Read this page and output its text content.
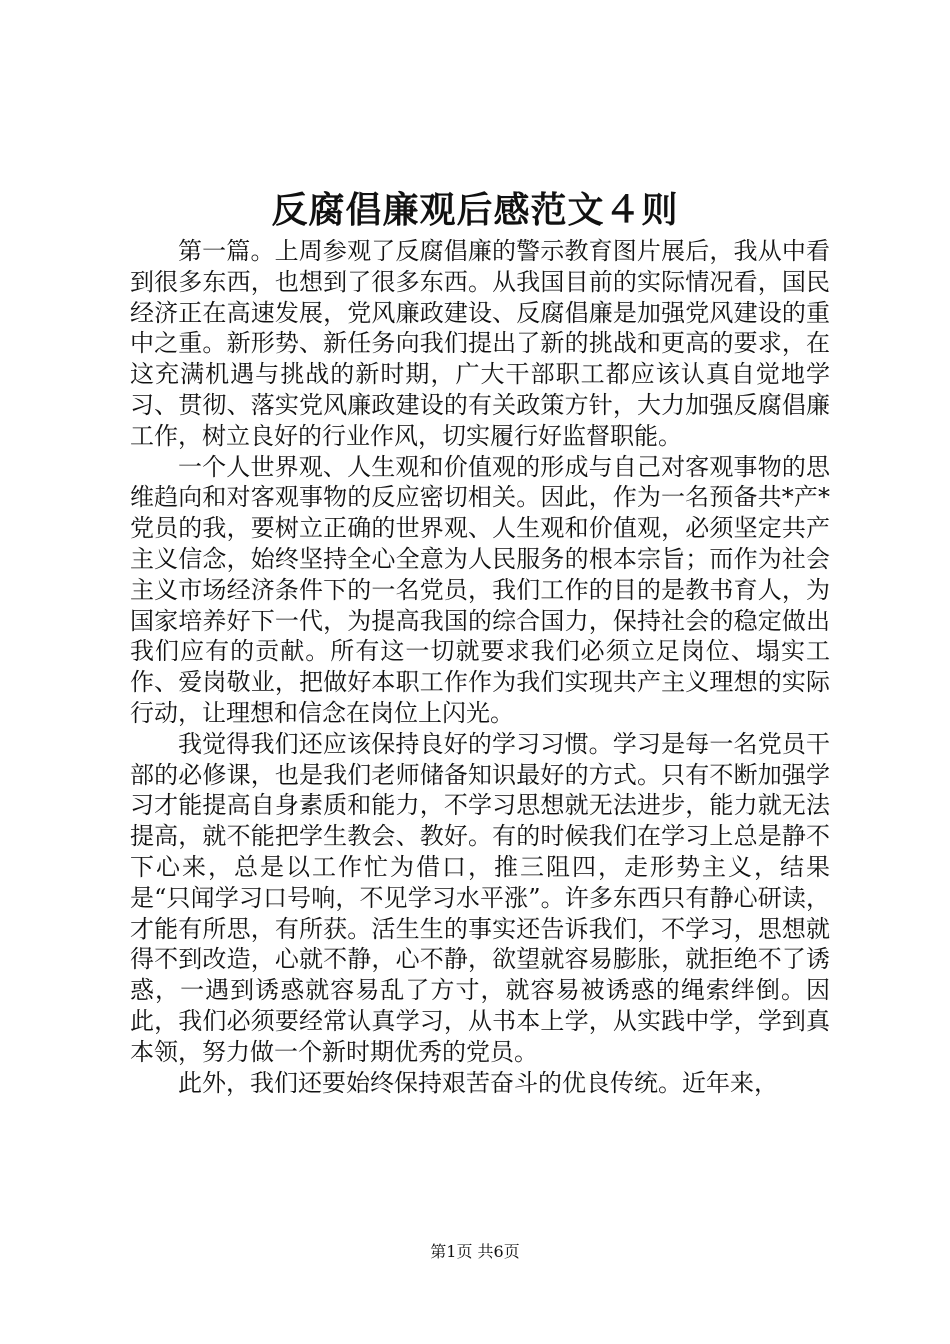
反腐倡廉观后感范文４则

第一篇。上周参观了反腐倡廉的警示教育图片展后，我从中看到很多东西，也想到了很多东西。从我国目前的实际情况看，国民经济正在高速发展，党风廉政建设、反腐倡廉是加强党风建设的重中之重。新形势、新任务向我们提出了新的挑战和更高的要求，在这充满机遇与挑战的新时期，广大干部职工都应该认真自觉地学习、贯彻、落实党风廉政建设的有关政策方针，大力加强反腐倡廉工作，树立良好的行业作风，切实履行好监督职能。

一个人世界观、人生观和价值观的形成与自己对客观事物的思维趋向和对客观事物的反应密切相关。因此，作为一名预备共*产*党员的我，要树立正确的世界观、人生观和价值观，必须坚定共产主义信念，始终坚持全心全意为人民服务的根本宗旨；而作为社会主义市场经济条件下的一名党员，我们工作的目的是教书育人，为国家培养好下一代，为提高我国的综合国力，保持社会的稳定做出我们应有的贡献。所有这一切就要求我们必须立足岗位、塌实工作、爱岗敬业，把做好本职工作作为我们实现共产主义理想的实际行动，让理想和信念在岗位上闪光。

我觉得我们还应该保持良好的学习习惯。学习是每一名党员干部的必修课，也是我们老师储备知识最好的方式。只有不断加强学习才能提高自身素质和能力，不学习思想就无法进步，能力就无法提高，就不能把学生教会、教好。有的时候我们在学习上总是静不下心来，总是以工作忙为借口，推三阻四，走形势主义，结果是“只闻学习口号响，不见学习水平涨”。许多东西只有静心研读，才能有所思，有所获。活生生的事实还告诉我们，不学习，思想就得不到改造，心就不静，心不静，欲望就容易膨胀，就拒绝不了诱惑，一遇到诱惑就容易乱了方寸，就容易被诱惑的绳索绊倒。因此，我们必须要经常认真学习，从书本上学，从实践中学，学到真本领，努力做一个新时期优秀的党员。

此外，我们还要始终保持艰苦奋斗的优良传统。近年来，

第1页 共6页
